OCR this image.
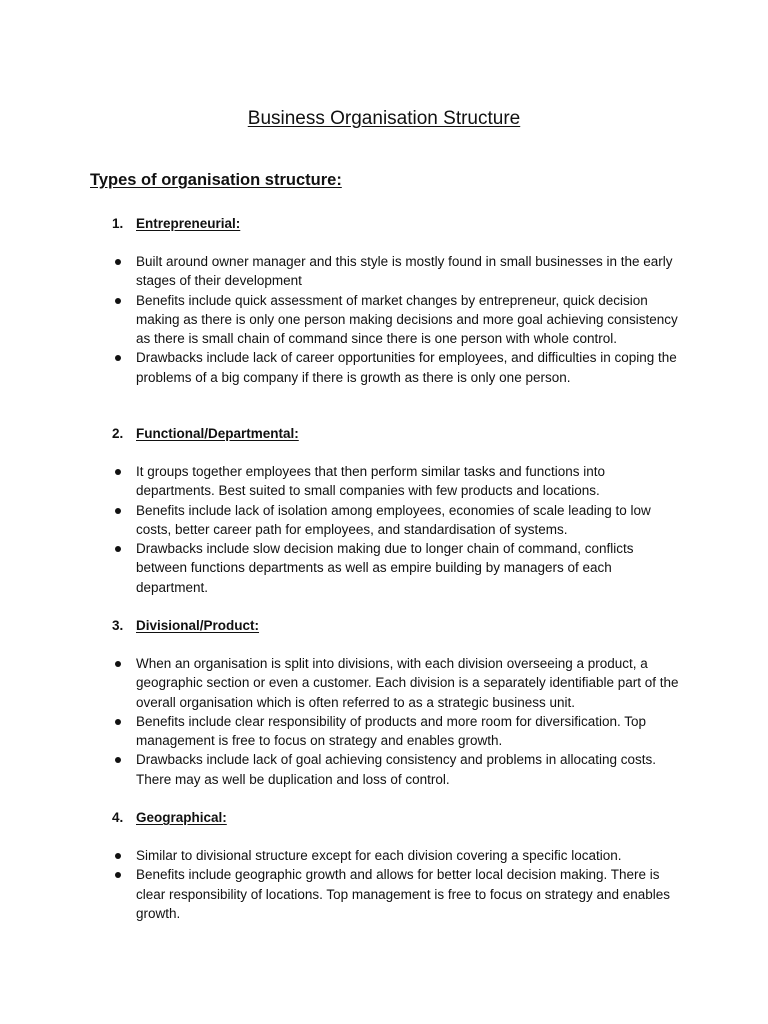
Business Organisation Structure
Types of organisation structure:
1. Entrepreneurial:
Built around owner manager and this style is mostly found in small businesses in the early stages of their development
Benefits include quick assessment of market changes by entrepreneur, quick decision making as there is only one person making decisions and more goal achieving consistency as there is small chain of command since there is one person with whole control.
Drawbacks include lack of career opportunities for employees, and difficulties in coping the problems of a big company if there is growth as there is only one person.
2. Functional/Departmental:
It groups together employees that then perform similar tasks and functions into departments. Best suited to small companies with few products and locations.
Benefits include lack of isolation among employees, economies of scale leading to low costs, better career path for employees, and standardisation of systems.
Drawbacks include slow decision making due to longer chain of command, conflicts between functions departments as well as empire building by managers of each department.
3. Divisional/Product:
When an organisation is split into divisions, with each division overseeing a product, a geographic section or even a customer. Each division is a separately identifiable part of the overall organisation which is often referred to as a strategic business unit.
Benefits include clear responsibility of products and more room for diversification. Top management is free to focus on strategy and enables growth.
Drawbacks include lack of goal achieving consistency and problems in allocating costs. There may as well be duplication and loss of control.
4. Geographical:
Similar to divisional structure except for each division covering a specific location.
Benefits include geographic growth and allows for better local decision making. There is clear responsibility of locations. Top management is free to focus on strategy and enables growth.
